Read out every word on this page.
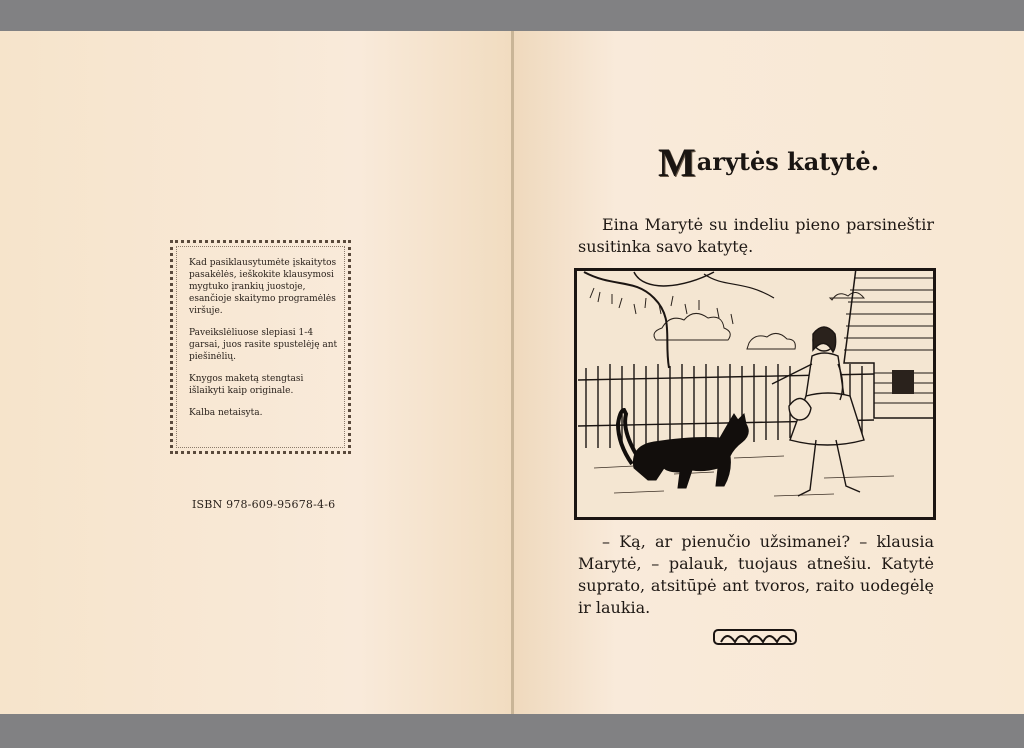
Kad pasiklausytumėte įskaitytos pasakėlės, ieškokite klausymosi mygtuko įrankių juostoje, esančioje skaitymo programėlės viršuje.

Paveikslėliuose slepiasi 1-4 garsai, juos rasite spustelėję ant piešinėlių.

Knygos maketą stengtasi išlaikyti kaip originale.

Kalba netaisyta.

ISBN 978-609-95678-4-6
Marytės katytė.
Eina Marytė su indeliu pieno parsineštir susitinka savo katytę.
– Ką, ar pienučio užsimanei? – klausia Marytė, – palauk, tuojaus atnešiu. Katytė suprato, atsitūpė ant tvoros, raito uodegėlę ir laukia.
